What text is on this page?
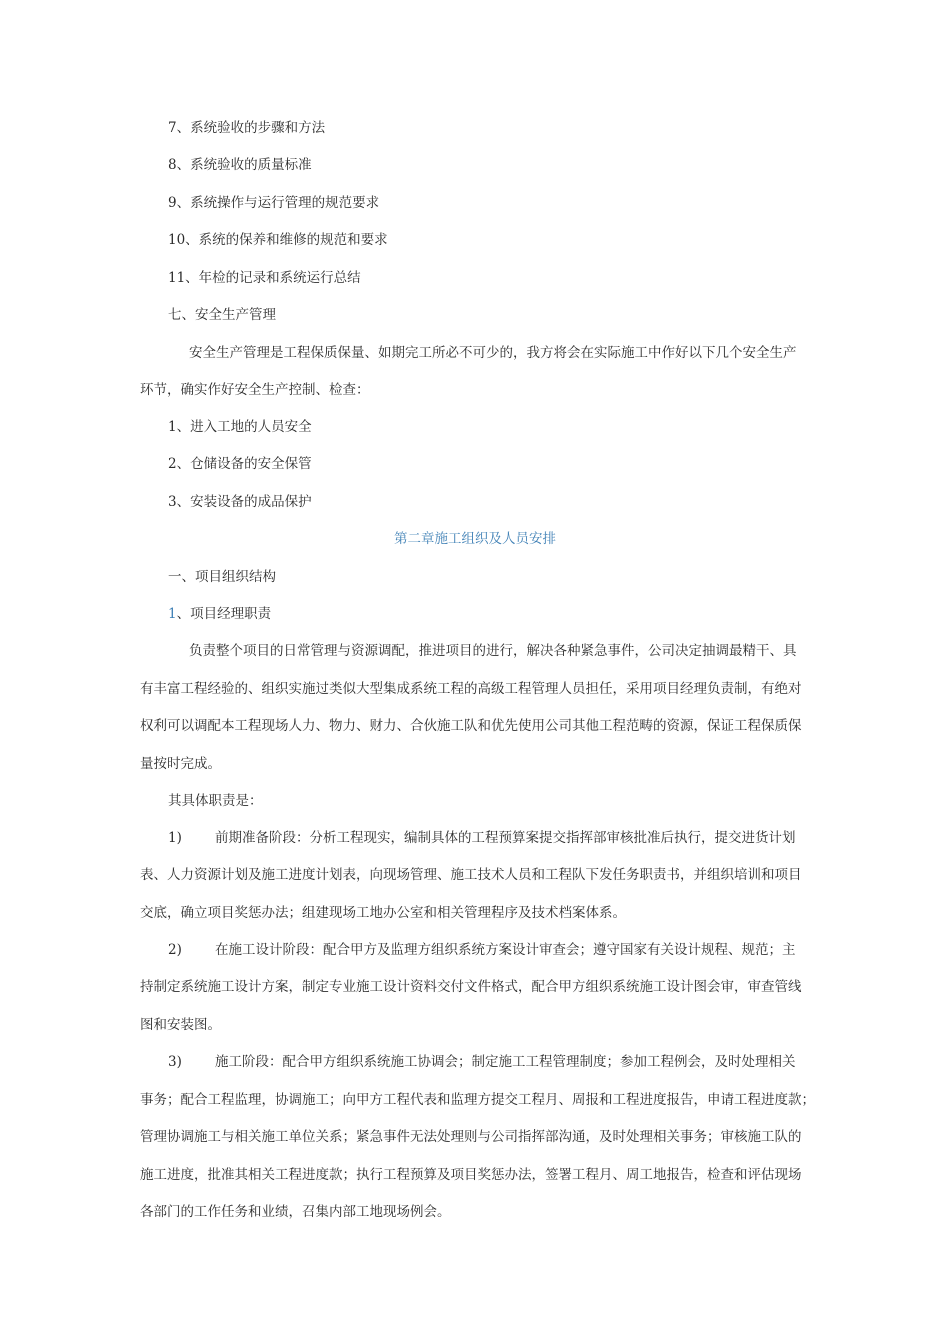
7、系统验收的步骤和方法
8、系统验收的质量标准
9、系统操作与运行管理的规范要求
10、系统的保养和维修的规范和要求
11、年检的记录和系统运行总结
七、安全生产管理
安全生产管理是工程保质保量、如期完工所必不可少的，我方将会在实际施工中作好以下几个安全生产
环节，确实作好安全生产控制、检查：
1、进入工地的人员安全
2、仓储设备的安全保管
3、安装设备的成品保护
第二章施工组织及人员安排
一、项目组织结构
1、项目经理职责
负责整个项目的日常管理与资源调配，推进项目的进行，解决各种紧急事件，公司决定抽调最精干、具
有丰富工程经验的、组织实施过类似大型集成系统工程的高级工程管理人员担任，采用项目经理负责制，有绝对
权利可以调配本工程现场人力、物力、财力、合伙施工队和优先使用公司其他工程范畴的资源，保证工程保质保
量按时完成。
其具体职责是：
1) 前期准备阶段：分析工程现实，编制具体的工程预算案提交指挥部审核批准后执行，提交进货计划
表、人力资源计划及施工进度计划表，向现场管理、施工技术人员和工程队下发任务职责书，并组织培训和项目
交底，确立项目奖惩办法；组建现场工地办公室和相关管理程序及技术档案体系。
2) 在施工设计阶段：配合甲方及监理方组织系统方案设计审查会；遵守国家有关设计规程、规范；主
持制定系统施工设计方案，制定专业施工设计资料交付文件格式，配合甲方组织系统施工设计图会审，审查管线
图和安装图。
3) 施工阶段：配合甲方组织系统施工协调会；制定施工工程管理制度；参加工程例会，及时处理相关
事务；配合工程监理，协调施工；向甲方工程代表和监理方提交工程月、周报和工程进度报告，申请工程进度款；
管理协调施工与相关施工单位关系；紧急事件无法处理则与公司指挥部沟通，及时处理相关事务；审核施工队的
施工进度，批准其相关工程进度款；执行工程预算及项目奖惩办法，签署工程月、周工地报告，检查和评估现场
各部门的工作任务和业绩，召集内部工地现场例会。
